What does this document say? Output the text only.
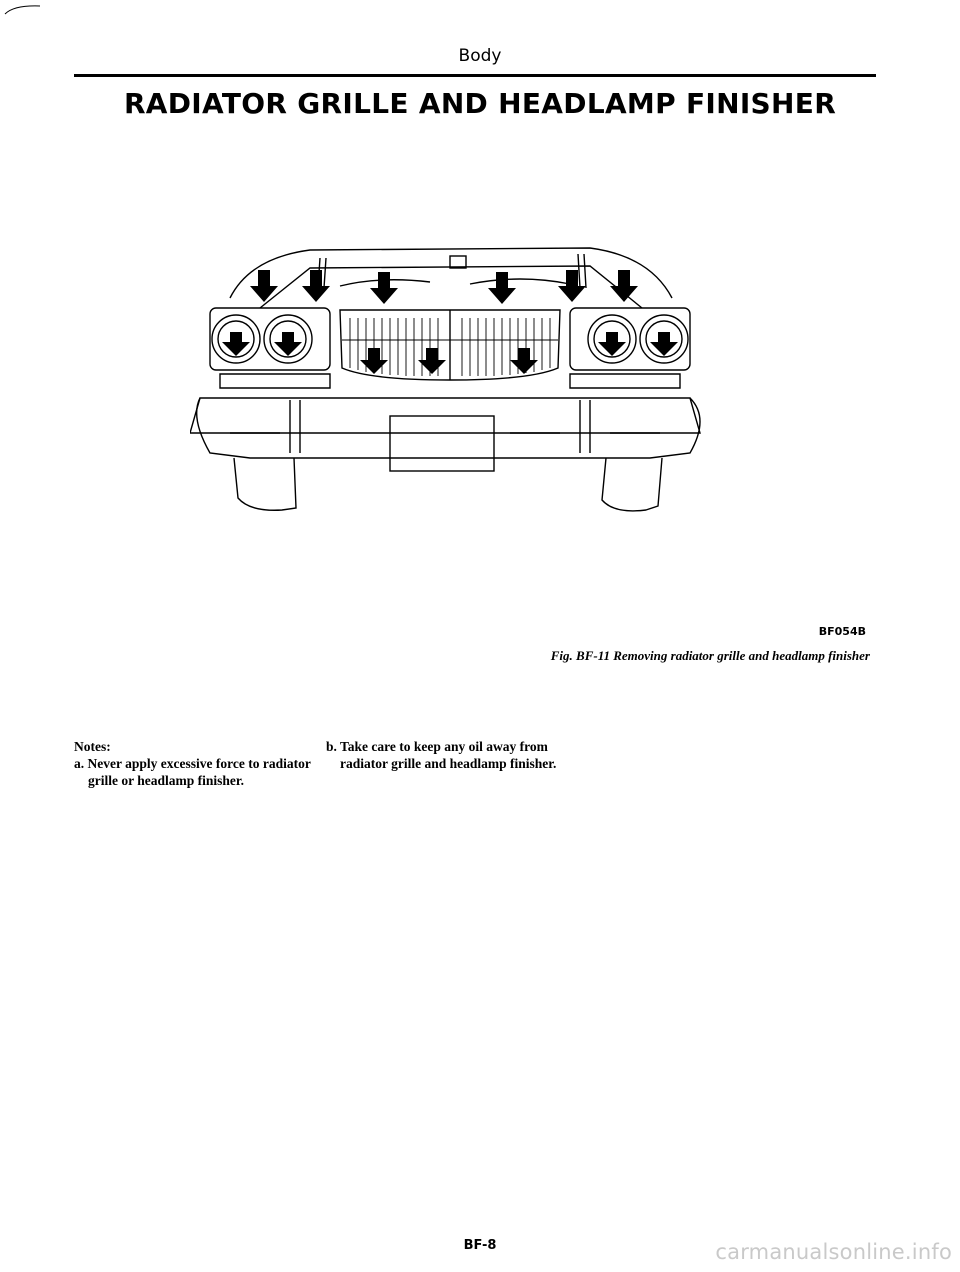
Body
RADIATOR GRILLE AND HEADLAMP FINISHER
BF054B
Fig. BF-11 Removing radiator grille and headlamp finisher
Notes:
a. Never apply excessive force to radiator grille or headlamp finisher.
b. Take care to keep any oil away from radiator grille and headlamp finisher.
BF-8	carmanualsonline.info
